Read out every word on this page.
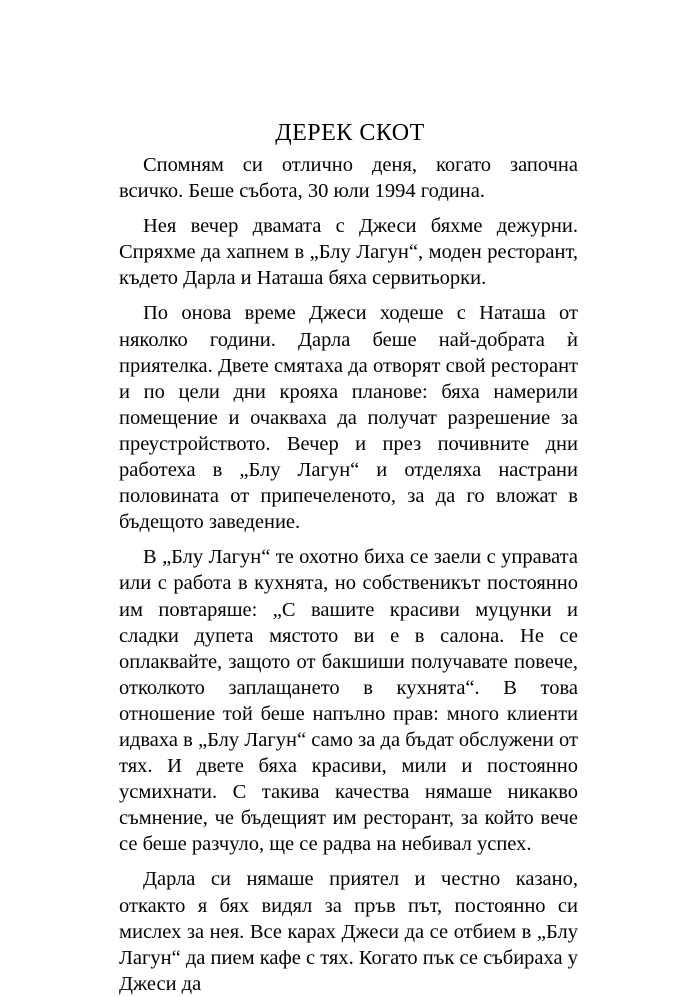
ДЕРЕК СКОТ

Спомням си отлично деня, когато започна всичко. Беше събота, 30 юли 1994 година.

Нея вечер двамата с Джеси бяхме дежурни. Спряхме да хапнем в „Блу Лагун“, моден ресторант, където Дарла и Наташа бяха сервитьорки.

По онова време Джеси ходеше с Наташа от няколко години. Дарла беше най-добрата ѝ приятелка. Двете смятаха да отворят свой ресторант и по цели дни крояха планове: бяха намерили помещение и очакваха да получат разрешение за преустройството. Вечер и през почивните дни работеха в „Блу Лагун“ и отделяха настрани половината от припечеленото, за да го вложат в бъдещото заведение.

В „Блу Лагун“ те охотно биха се заели с управата или с работа в кухнята, но собственикът постоянно им повтаряше: „С вашите красиви муцунки и сладки дупета мястото ви е в салона. Не се оплаквайте, защото от бакшиши получавате повече, отколкото заплащането в кухнята“. В това отношение той беше напълно прав: много клиенти идваха в „Блу Лагун“ само за да бъдат обслужени от тях. И двете бяха красиви, мили и постоянно усмихнати. С такива качества нямаше никакво съмнение, че бъдещият им ресторант, за който вече се беше разчуло, ще се радва на небивал успех.

Дарла си нямаше приятел и честно казано, откакто я бях видял за пръв път, постоянно си мислех за нея. Все карах Джеси да се отбием в „Блу Лагун“ да пием кафе с тях. Когато пък се събираха у Джеси да
